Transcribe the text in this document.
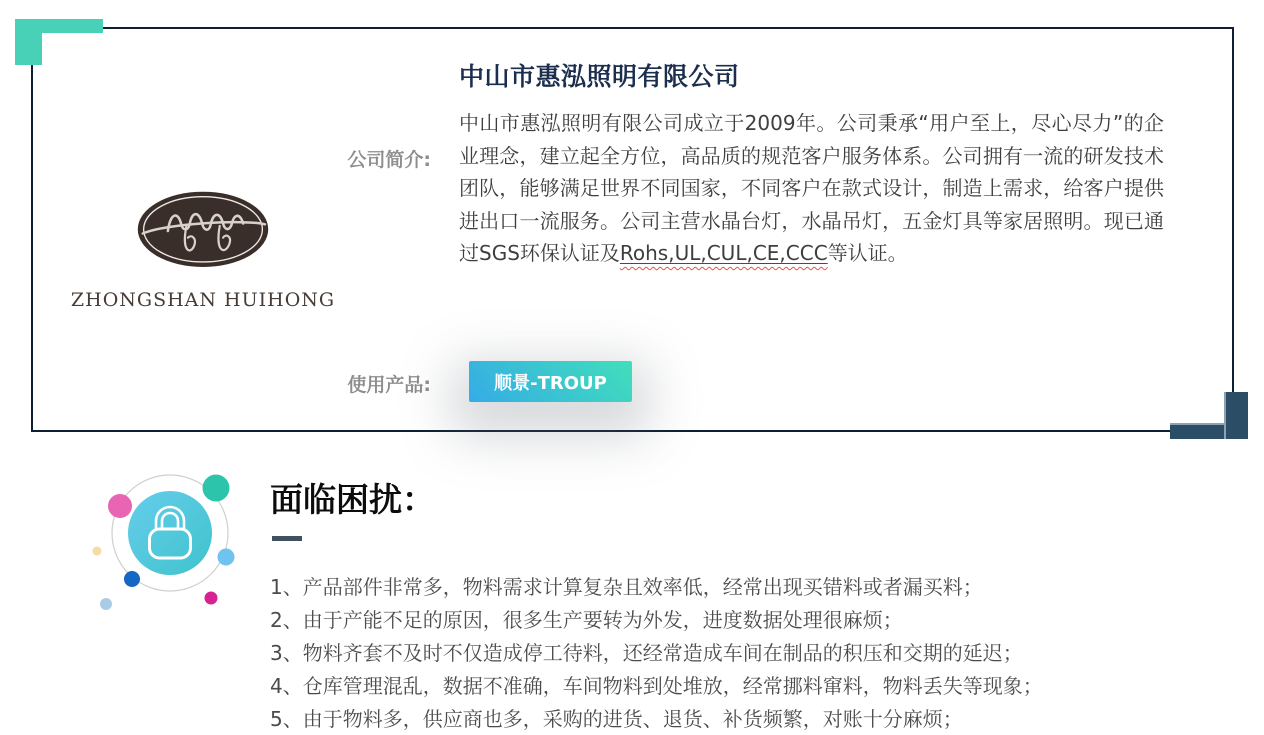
ZHONGSHAN HUIHONG
中山市惠泓照明有限公司
公司简介:
中山市惠泓照明有限公司成立于2009年。公司秉承“用户至上，尽心尽力”的企业理念，建立起全方位，高品质的规范客户服务体系。公司拥有一流的研发技术团队，能够满足世界不同国家，不同客户在款式设计，制造上需求，给客户提供进出口一流服务。公司主营水晶台灯，水晶吊灯，五金灯具等家居照明。现已通过SGS环保认证及Rohs,UL,CUL,CE,CCC等认证。
使用产品:	顺景-TROUP
面临困扰：
1、产品部件非常多，物料需求计算复杂且效率低，经常出现买错料或者漏买料；
2、由于产能不足的原因，很多生产要转为外发，进度数据处理很麻烦；
3、物料齐套不及时不仅造成停工待料，还经常造成车间在制品的积压和交期的延迟；
4、仓库管理混乱，数据不准确，车间物料到处堆放，经常挪料窜料，物料丢失等现象；
5、由于物料多，供应商也多，采购的进货、退货、补货频繁，对账十分麻烦；
